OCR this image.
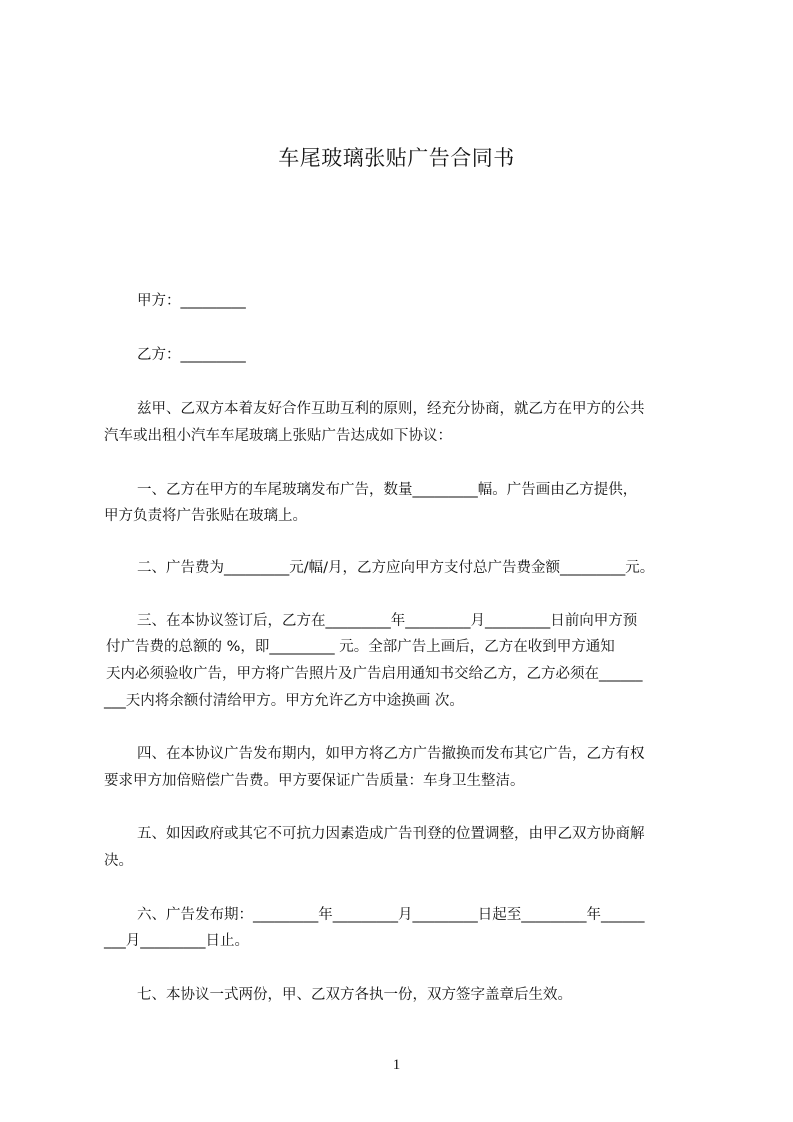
车尾玻璃张贴广告合同书
甲方：_________
乙方：_________
兹甲、乙双方本着友好合作互助互利的原则，经充分协商，就乙方在甲方的公共
汽车或出租小汽车车尾玻璃上张贴广告达成如下协议：
一、乙方在甲方的车尾玻璃发布广告，数量_________幅。广告画由乙方提供，
甲方负责将广告张贴在玻璃上。
二、广告费为_________元/幅/月，乙方应向甲方支付总广告费金额_________元。
三、在本协议签订后，乙方在_________年_________月_________日前向甲方预
付广告费的总额的 %，即_________ 元。全部广告上画后，乙方在收到甲方通知
天内必须验收广告，甲方将广告照片及广告启用通知书交给乙方，乙方必须在______
___天内将余额付清给甲方。甲方允许乙方中途换画 次。
四、在本协议广告发布期内，如甲方将乙方广告撤换而发布其它广告，乙方有权
要求甲方加倍赔偿广告费。甲方要保证广告质量：车身卫生整洁。
五、如因政府或其它不可抗力因素造成广告刊登的位置调整，由甲乙双方协商解
决。
六、广告发布期：_________年_________月_________日起至_________年______
___月_________日止。
七、本协议一式两份，甲、乙双方各执一份，双方签字盖章后生效。
1
